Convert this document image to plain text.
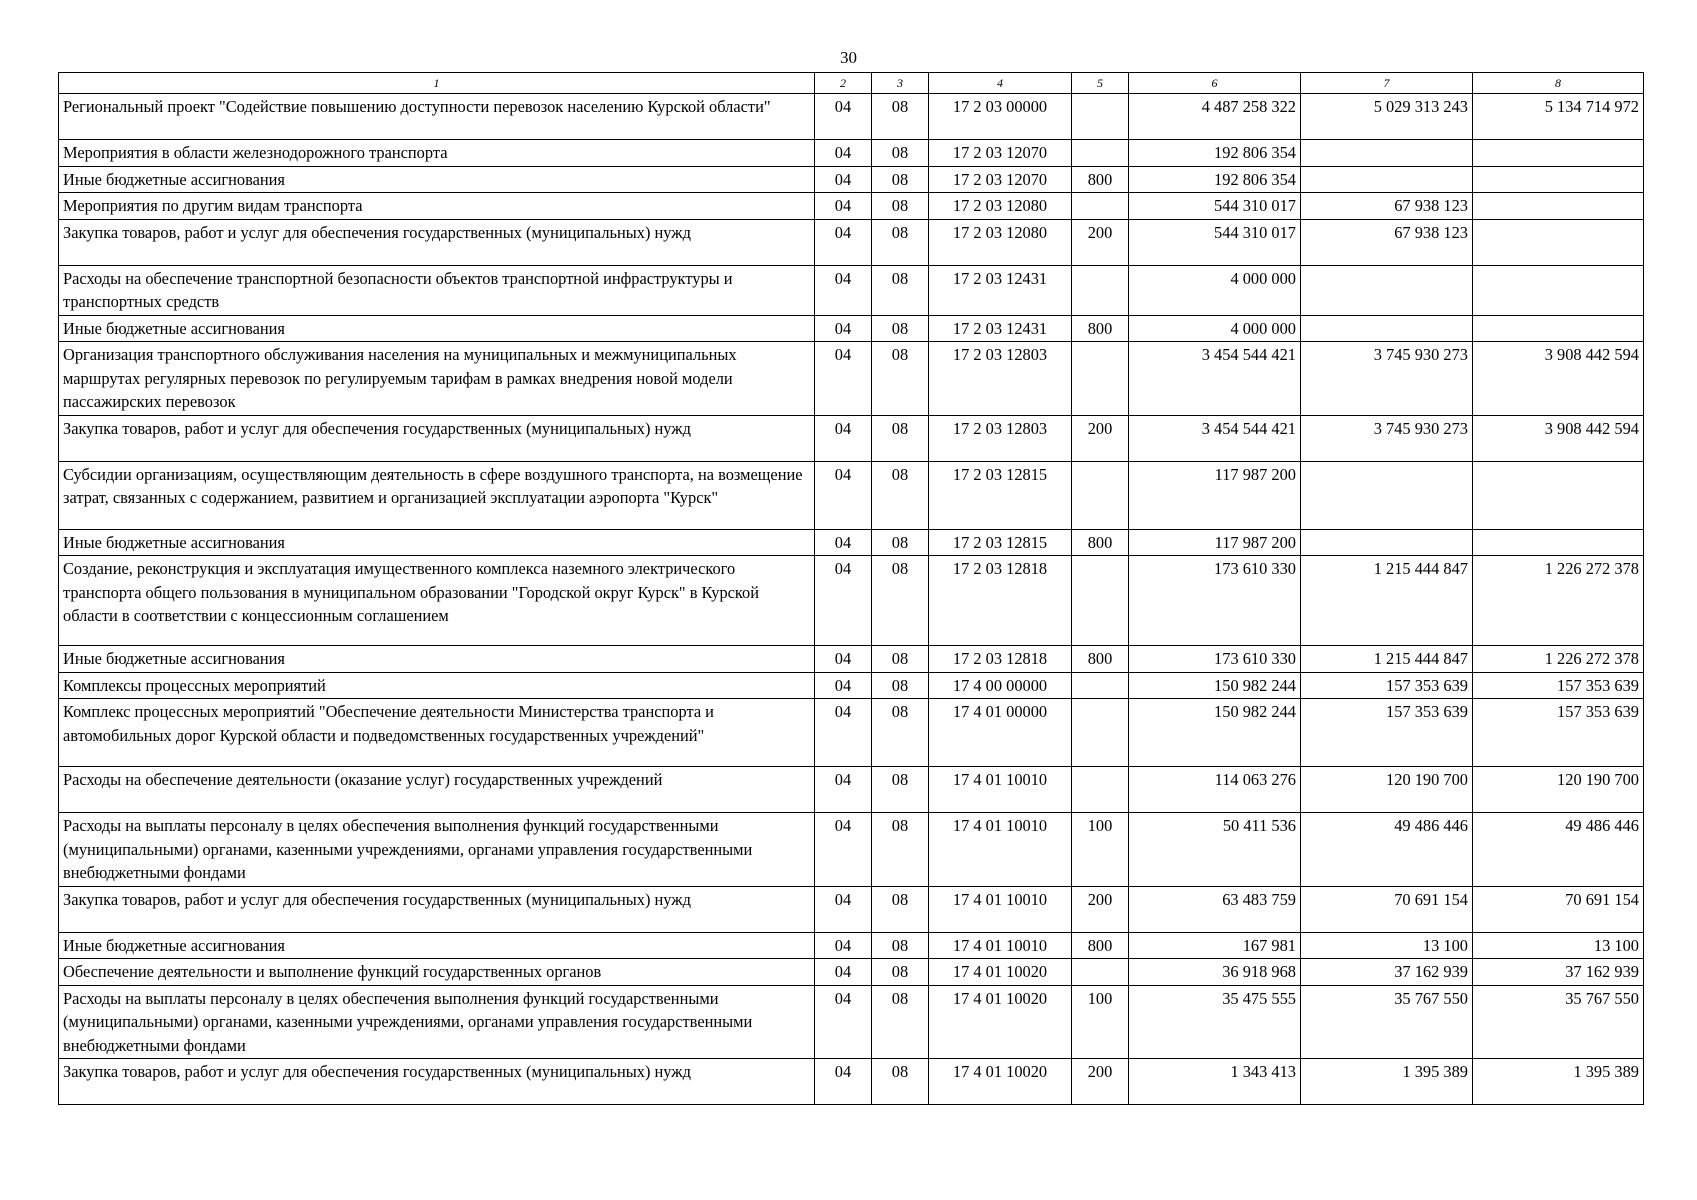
30
1	2	3	4	5	6	7	8
Региональный проект "Содействие повышению доступности перевозок населению Курской области"	04	08	17 2 03 00000		4 487 258 322	5 029 313 243	5 134 714 972
Мероприятия в области железнодорожного транспорта	04	08	17 2 03 12070		192 806 354		
Иные бюджетные ассигнования	04	08	17 2 03 12070	800	192 806 354		
Мероприятия по другим видам транспорта	04	08	17 2 03 12080		544 310 017	67 938 123	
Закупка товаров, работ и услуг для обеспечения государственных (муниципальных) нужд	04	08	17 2 03 12080	200	544 310 017	67 938 123	
Расходы на обеспечение транспортной безопасности объектов транспортной инфраструктуры и транспортных средств	04	08	17 2 03 12431		4 000 000		
Иные бюджетные ассигнования	04	08	17 2 03 12431	800	4 000 000		
Организация транспортного обслуживания населения на муниципальных и межмуниципальных маршрутах регулярных перевозок по регулируемым тарифам в рамках внедрения новой модели пассажирских перевозок	04	08	17 2 03 12803		3 454 544 421	3 745 930 273	3 908 442 594
Закупка товаров, работ и услуг для обеспечения государственных (муниципальных) нужд	04	08	17 2 03 12803	200	3 454 544 421	3 745 930 273	3 908 442 594
Субсидии организациям, осуществляющим деятельность в сфере воздушного транспорта, на возмещение затрат, связанных с содержанием, развитием и организацией эксплуатации аэропорта "Курск"	04	08	17 2 03 12815		117 987 200		
Иные бюджетные ассигнования	04	08	17 2 03 12815	800	117 987 200		
Создание, реконструкция и эксплуатация имущественного комплекса наземного электрического транспорта общего пользования в муниципальном образовании "Городской округ Курск" в Курской области в соответствии с концессионным соглашением	04	08	17 2 03 12818		173 610 330	1 215 444 847	1 226 272 378
Иные бюджетные ассигнования	04	08	17 2 03 12818	800	173 610 330	1 215 444 847	1 226 272 378
Комплексы процессных мероприятий	04	08	17 4 00 00000		150 982 244	157 353 639	157 353 639
Комплекс процессных мероприятий "Обеспечение деятельности Министерства транспорта и автомобильных дорог Курской области и подведомственных государственных учреждений"	04	08	17 4 01 00000		150 982 244	157 353 639	157 353 639
Расходы на обеспечение деятельности (оказание услуг) государственных учреждений	04	08	17 4 01 10010		114 063 276	120 190 700	120 190 700
Расходы на выплаты персоналу в целях обеспечения выполнения функций государственными (муниципальными) органами, казенными учреждениями, органами управления государственными внебюджетными фондами	04	08	17 4 01 10010	100	50 411 536	49 486 446	49 486 446
Закупка товаров, работ и услуг для обеспечения государственных (муниципальных) нужд	04	08	17 4 01 10010	200	63 483 759	70 691 154	70 691 154
Иные бюджетные ассигнования	04	08	17 4 01 10010	800	167 981	13 100	13 100
Обеспечение деятельности и выполнение функций государственных органов	04	08	17 4 01 10020		36 918 968	37 162 939	37 162 939
Расходы на выплаты персоналу в целях обеспечения выполнения функций государственными (муниципальными) органами, казенными учреждениями, органами управления государственными внебюджетными фондами	04	08	17 4 01 10020	100	35 475 555	35 767 550	35 767 550
Закупка товаров, работ и услуг для обеспечения государственных (муниципальных) нужд	04	08	17 4 01 10020	200	1 343 413	1 395 389	1 395 389
